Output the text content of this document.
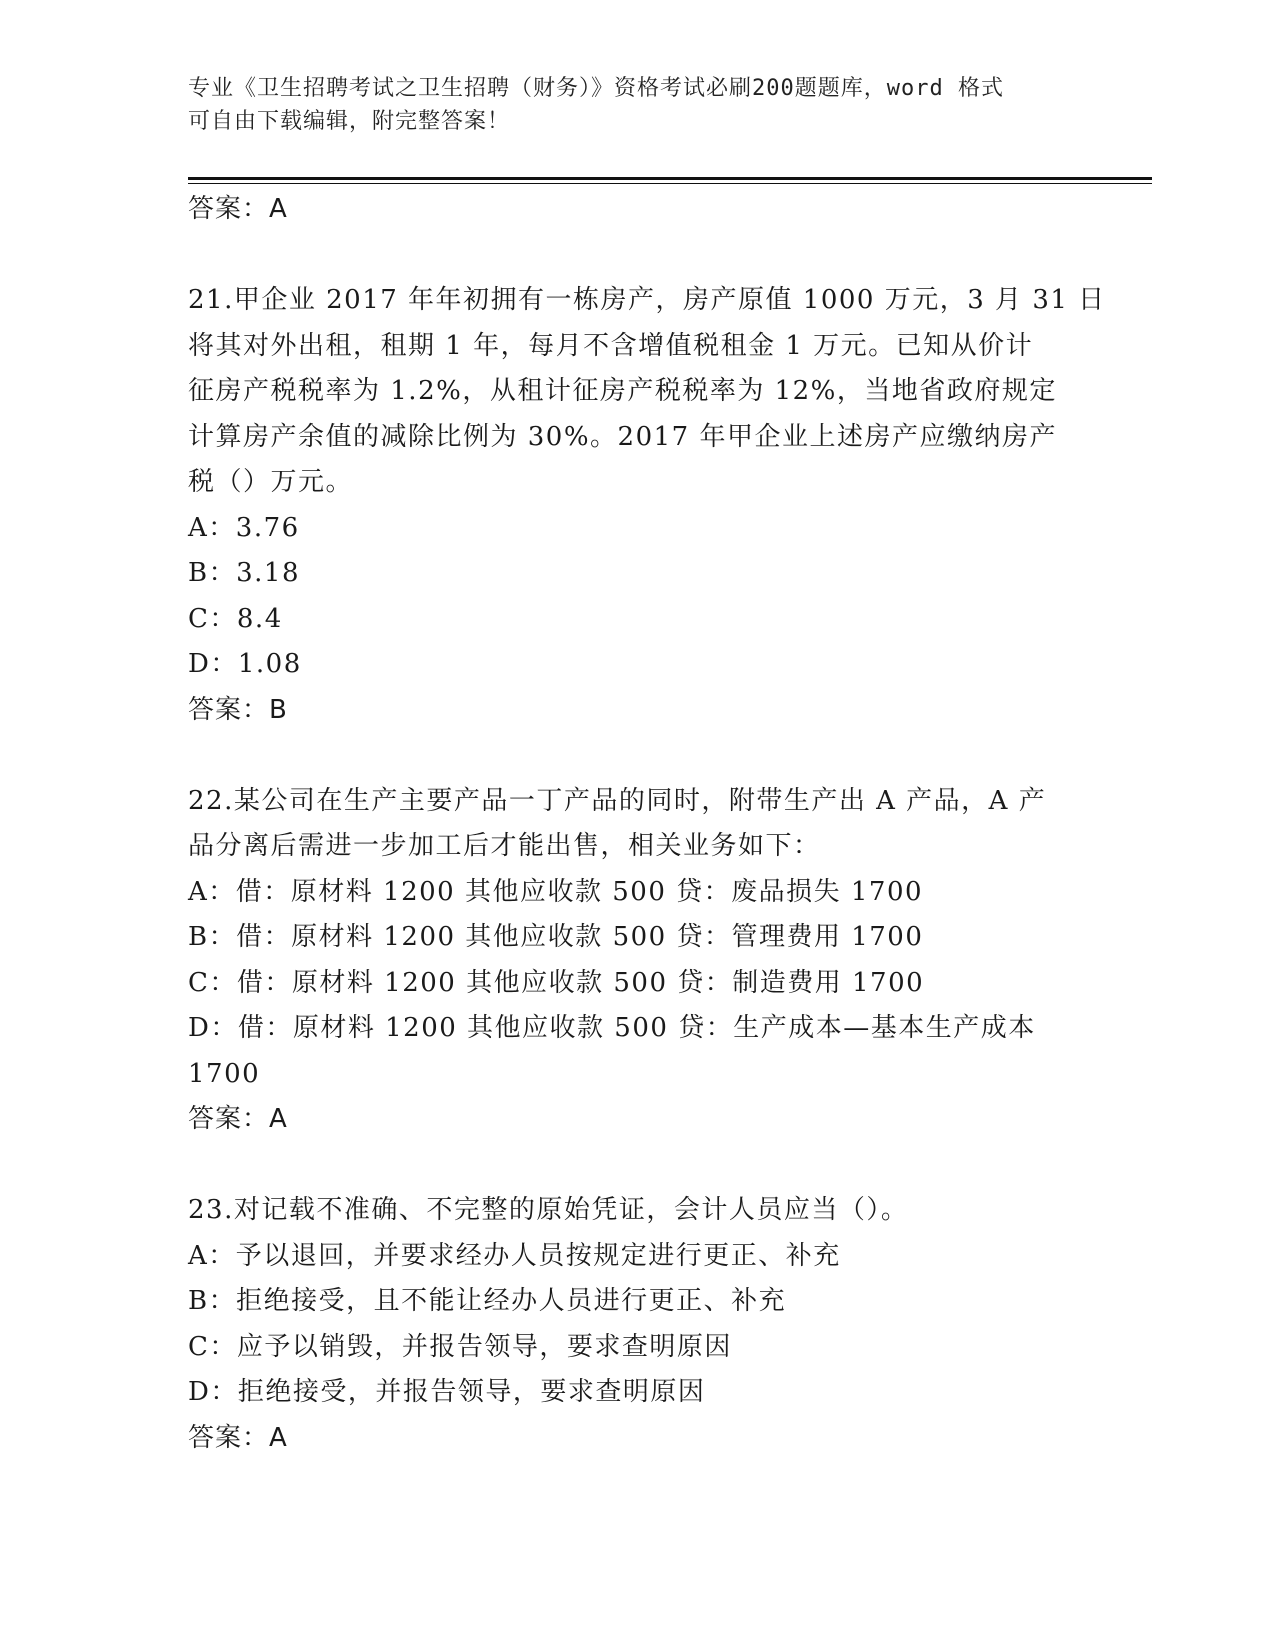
专业《卫生招聘考试之卫生招聘（财务）》资格考试必刷200题题库，word 格式
可自由下载编辑，附完整答案！
答案：A
21.甲企业 2017 年年初拥有一栋房产，房产原值 1000 万元，3 月 31 日
将其对外出租，租期 1 年，每月不含增值税租金 1 万元。已知从价计
征房产税税率为 1.2%，从租计征房产税税率为 12%，当地省政府规定
计算房产余值的减除比例为 30%。2017 年甲企业上述房产应缴纳房产
税（）万元。
A：3.76
B：3.18
C：8.4
D：1.08
答案：B
22.某公司在生产主要产品一丁产品的同时，附带生产出 A 产品，A 产
品分离后需进一步加工后才能出售，相关业务如下：
A：借：原材料 1200 其他应收款 500 贷：废品损失 1700
B：借：原材料 1200 其他应收款 500 贷：管理费用 1700
C：借：原材料 1200 其他应收款 500 贷：制造费用 1700
D：借：原材料 1200 其他应收款 500 贷：生产成本—基本生产成本
1700
答案：A
23.对记载不准确、不完整的原始凭证，会计人员应当（）。
A：予以退回，并要求经办人员按规定进行更正、补充
B：拒绝接受，且不能让经办人员进行更正、补充
C：应予以销毁，并报告领导，要求查明原因
D：拒绝接受，并报告领导，要求查明原因
答案：A
